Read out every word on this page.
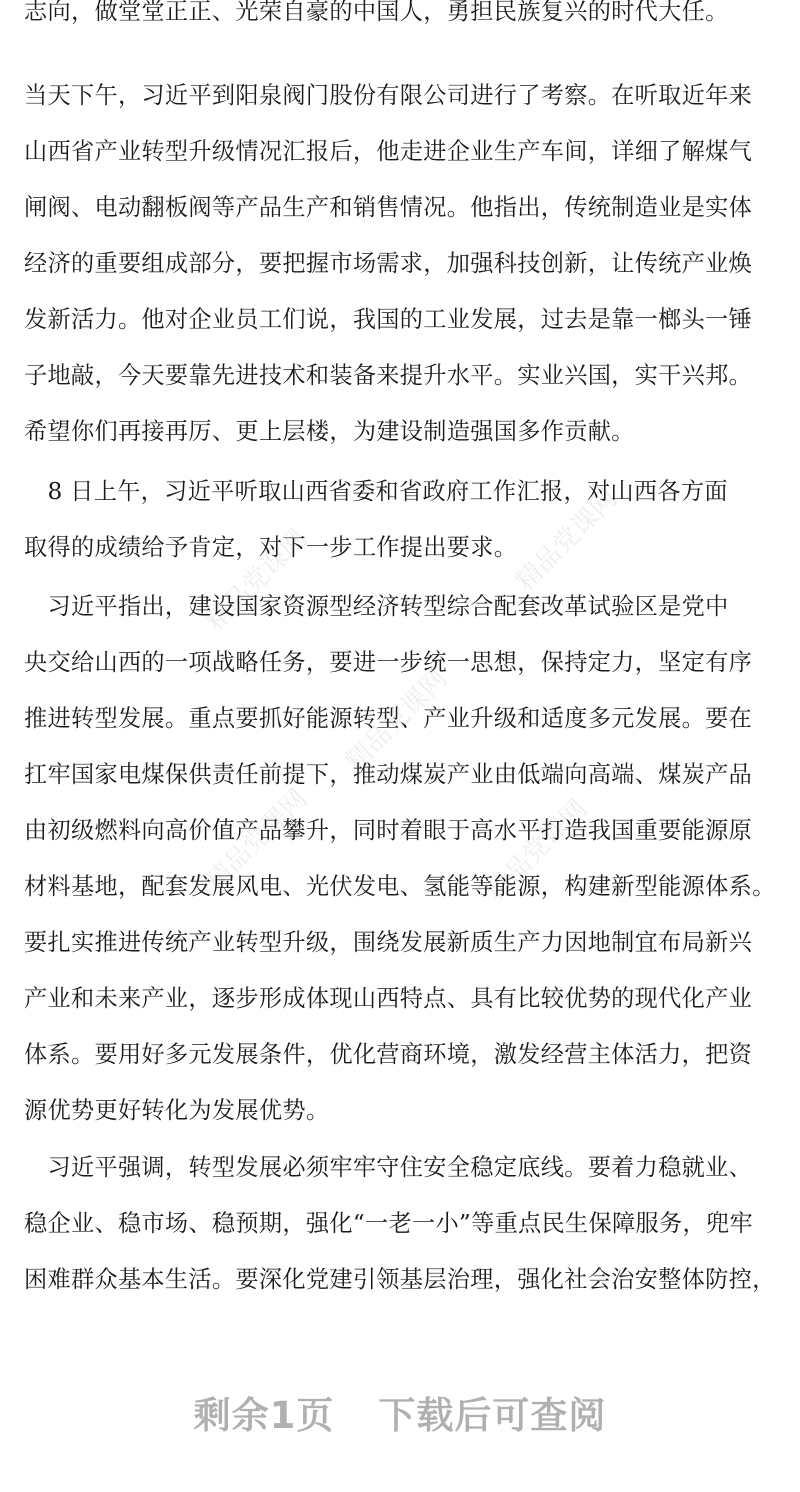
精品党课网	精品党课网
精品党课网
精品党课网	精品党课网
志向，做堂堂正正、光荣自豪的中国人，勇担民族复兴的时代大任。
当天下午，习近平到阳泉阀门股份有限公司进行了考察。在听取近年来
山西省产业转型升级情况汇报后，他走进企业生产车间，详细了解煤气
闸阀、电动翻板阀等产品生产和销售情况。他指出，传统制造业是实体
经济的重要组成部分，要把握市场需求，加强科技创新，让传统产业焕
发新活力。他对企业员工们说，我国的工业发展，过去是靠一榔头一锤
子地敲，今天要靠先进技术和装备来提升水平。实业兴国，实干兴邦。
希望你们再接再厉、更上层楼，为建设制造强国多作贡献。
　8 日上午，习近平听取山西省委和省政府工作汇报，对山西各方面
取得的成绩给予肯定，对下一步工作提出要求。
　习近平指出，建设国家资源型经济转型综合配套改革试验区是党中
央交给山西的一项战略任务，要进一步统一思想，保持定力，坚定有序
推进转型发展。重点要抓好能源转型、产业升级和适度多元发展。要在
扛牢国家电煤保供责任前提下，推动煤炭产业由低端向高端、煤炭产品
由初级燃料向高价值产品攀升，同时着眼于高水平打造我国重要能源原
材料基地，配套发展风电、光伏发电、氢能等能源，构建新型能源体系。
要扎实推进传统产业转型升级，围绕发展新质生产力因地制宜布局新兴
产业和未来产业，逐步形成体现山西特点、具有比较优势的现代化产业
体系。要用好多元发展条件，优化营商环境，激发经营主体活力，把资
源优势更好转化为发展优势。
　习近平强调，转型发展必须牢牢守住安全稳定底线。要着力稳就业、
稳企业、稳市场、稳预期，强化“一老一小”等重点民生保障服务，兜牢
困难群众基本生活。要深化党建引领基层治理，强化社会治安整体防控，
剩余1页 下载后可查阅
